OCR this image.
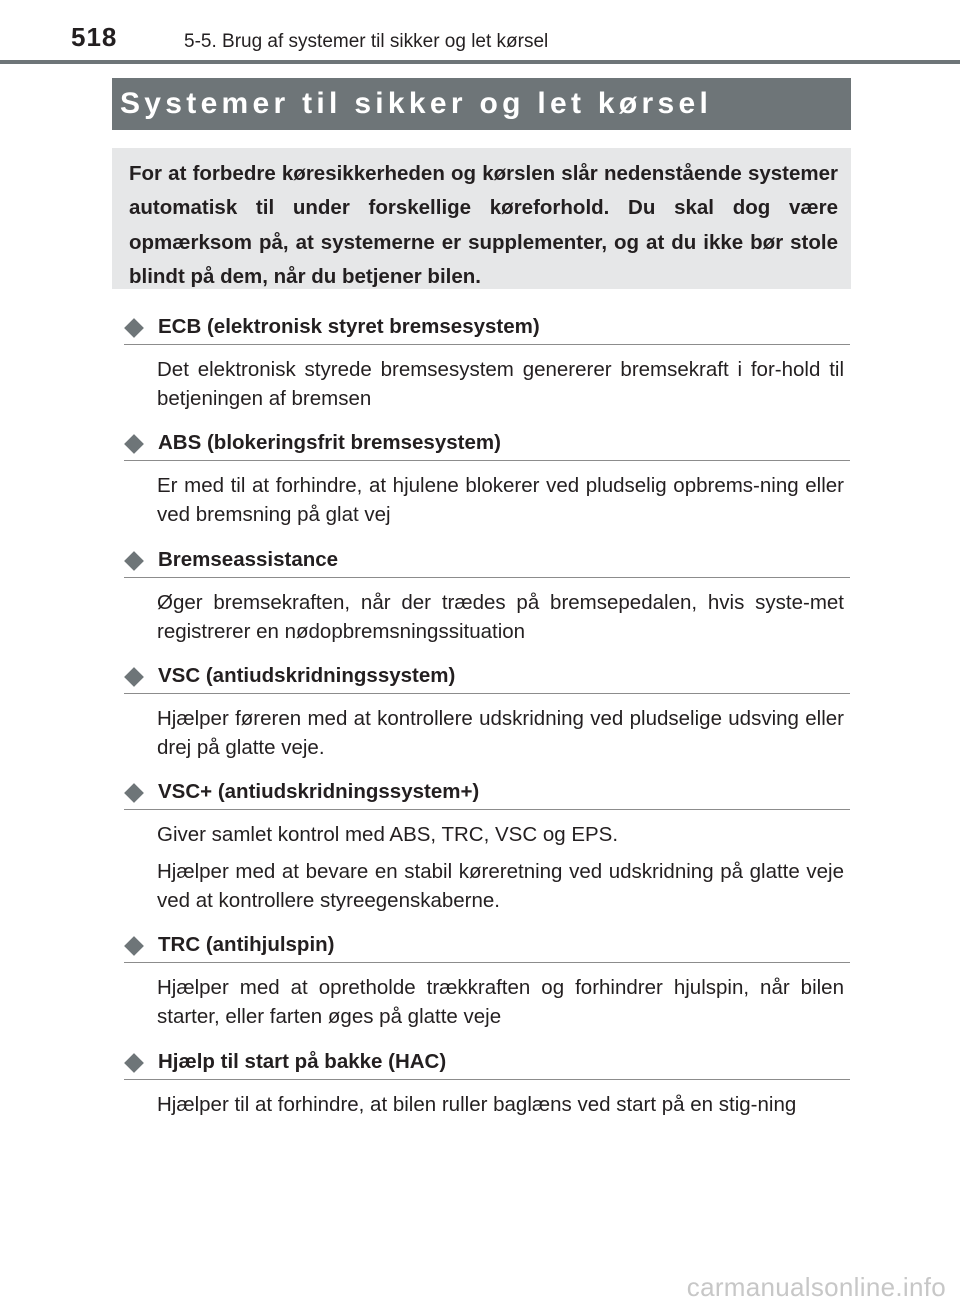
518	5-5. Brug af systemer til sikker og let kørsel
Systemer til sikker og let kørsel

For at forbedre køresikkerheden og kørslen slår nedenstående systemer automatisk til under forskellige køreforhold. Du skal dog være opmærksom på, at systemerne er supplementer, og at du ikke bør stole blindt på dem, når du betjener bilen.

ECB (elektronisk styret bremsesystem)

Det elektronisk styrede bremsesystem genererer bremsekraft i for-hold til betjeningen af bremsen

ABS (blokeringsfrit bremsesystem)

Er med til at forhindre, at hjulene blokerer ved pludselig opbrems-ning eller ved bremsning på glat vej

Bremseassistance

Øger bremsekraften, når der trædes på bremsepedalen, hvis syste-met registrerer en nødopbremsningssituation

VSC (antiudskridningssystem)

Hjælper føreren med at kontrollere udskridning ved pludselige udsving eller drej på glatte veje.

VSC+ (antiudskridningssystem+)

Giver samlet kontrol med ABS, TRC, VSC og EPS.

Hjælper med at bevare en stabil køreretning ved udskridning på glatte veje ved at kontrollere styreegenskaberne.

TRC (antihjulspin)

Hjælper med at opretholde trækkraften og forhindrer hjulspin, når bilen starter, eller farten øges på glatte veje

Hjælp til start på bakke (HAC)

Hjælper til at forhindre, at bilen ruller baglæns ved start på en stig-ning

carmanualsonline.info
